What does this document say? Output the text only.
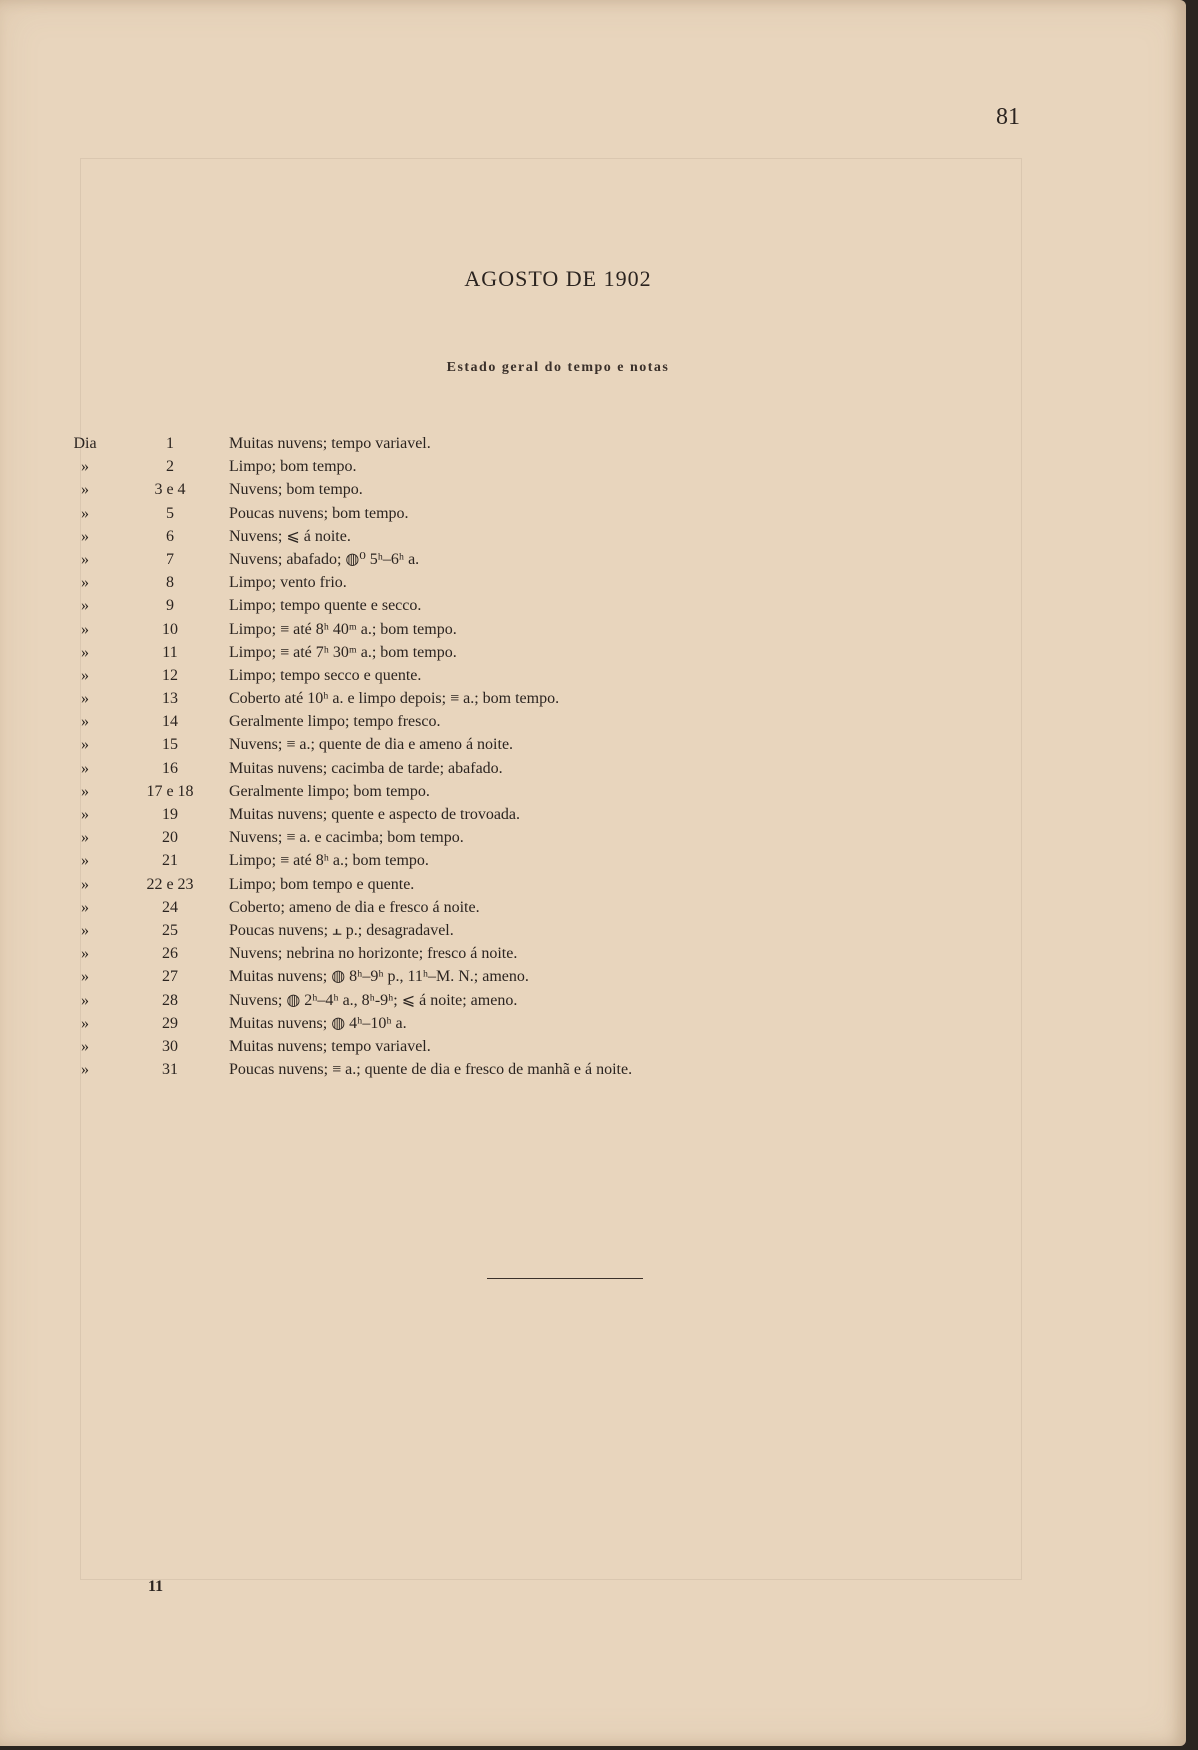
81
AGOSTO DE 1902
Estado geral do tempo e notas
Dia	1	Muitas nuvens; tempo variavel.
»	2	Limpo; bom tempo.
»	3 e 4	Nuvens; bom tempo.
»	5	Poucas nuvens; bom tempo.
»	6	Nuvens; ⩽ á noite.
»	7	Nuvens; abafado; ◍⁰ 5ʰ–6ʰ a.
»	8	Limpo; vento frio.
»	9	Limpo; tempo quente e secco.
»	10	Limpo; ≡ até 8ʰ 40ᵐ a.; bom tempo.
»	11	Limpo; ≡ até 7ʰ 30ᵐ a.; bom tempo.
»	12	Limpo; tempo secco e quente.
»	13	Coberto até 10ʰ a. e limpo depois; ≡ a.; bom tempo.
»	14	Geralmente limpo; tempo fresco.
»	15	Nuvens; ≡ a.; quente de dia e ameno á noite.
»	16	Muitas nuvens; cacimba de tarde; abafado.
»	17 e 18	Geralmente limpo; bom tempo.
»	19	Muitas nuvens; quente e aspecto de trovoada.
»	20	Nuvens; ≡ a. e cacimba; bom tempo.
»	21	Limpo; ≡ até 8ʰ a.; bom tempo.
»	22 e 23	Limpo; bom tempo e quente.
»	24	Coberto; ameno de dia e fresco á noite.
»	25	Poucas nuvens; ⫠ p.; desagradavel.
»	26	Nuvens; nebrina no horizonte; fresco á noite.
»	27	Muitas nuvens; ◍ 8ʰ–9ʰ p., 11ʰ–M. N.; ameno.
»	28	Nuvens; ◍ 2ʰ–4ʰ a., 8ʰ-9ʰ; ⩽ á noite; ameno.
»	29	Muitas nuvens; ◍ 4ʰ–10ʰ a.
»	30	Muitas nuvens; tempo variavel.
»	31	Poucas nuvens; ≡ a.; quente de dia e fresco de manhã e á noite.
11
